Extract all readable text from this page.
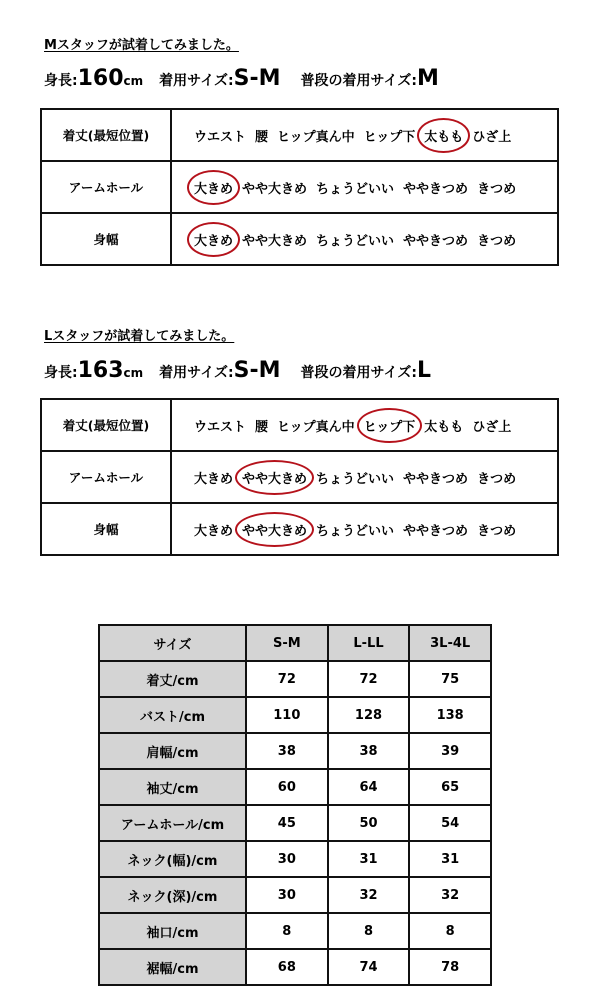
Mスタッフが試着してみました。
身長:160cm 着用サイズ:S-M 普段の着用サイズ:M
着丈(最短位置)	ウエスト 腰 ヒップ真ん中 ヒップ下 太もも ひざ上
アームホール	大きめ やや大きめ ちょうどいい ややきつめ きつめ
身幅	大きめ やや大きめ ちょうどいい ややきつめ きつめ
Lスタッフが試着してみました。
身長:163cm 着用サイズ:S-M 普段の着用サイズ:L
着丈(最短位置)	ウエスト 腰 ヒップ真ん中 ヒップ下 太もも ひざ上
アームホール	大きめ やや大きめ ちょうどいい ややきつめ きつめ
身幅	大きめ やや大きめ ちょうどいい ややきつめ きつめ
サイズ	S-M	L-LL	3L-4L
着丈/cm	72	72	75
バスト/cm	110	128	138
肩幅/cm	38	38	39
袖丈/cm	60	64	65
アームホール/cm	45	50	54
ネック(幅)/cm	30	31	31
ネック(深)/cm	30	32	32
袖口/cm	8	8	8
裾幅/cm	68	74	78
